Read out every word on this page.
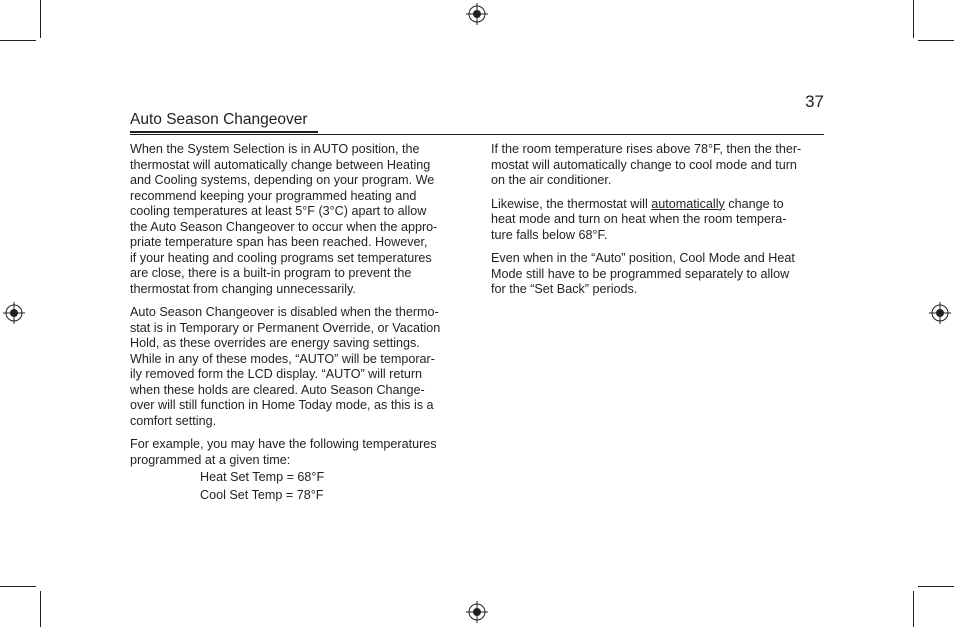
37
Auto Season Changeover

When the System Selection is in AUTO position, the

thermostat will automatically change between Heating

and Cooling systems, depending on your program. We

recommend keeping your programmed heating and

cooling temperatures at least 5°F (3°C) apart to allow

the Auto Season Changeover to occur when the appro-

priate temperature span has been reached. However,

if your heating and cooling programs set temperatures

are close, there is a built-in program to prevent the

thermostat from changing unnecessarily.

Auto Season Changeover is disabled when the thermo-

stat is in Temporary or Permanent Override, or Vacation

Hold, as these overrides are energy saving settings.

While in any of these modes, “AUTO” will be temporar-

ily removed form the LCD display. “AUTO” will return

when these holds are cleared. Auto Season Change-

over will still function in Home Today mode, as this is a

comfort setting.

For example, you may have the following temperatures

programmed at a given time:

Heat Set Temp = 68°F

Cool Set Temp = 78°F

If the room temperature rises above 78°F, then the ther-

mostat will automatically change to cool mode and turn

on the air conditioner.

Likewise, the thermostat will automatically change to

heat mode and turn on heat when the room tempera-

ture falls below 68°F.

Even when in the “Auto” position, Cool Mode and Heat

Mode still have to be programmed separately to allow

for the “Set Back” periods.
